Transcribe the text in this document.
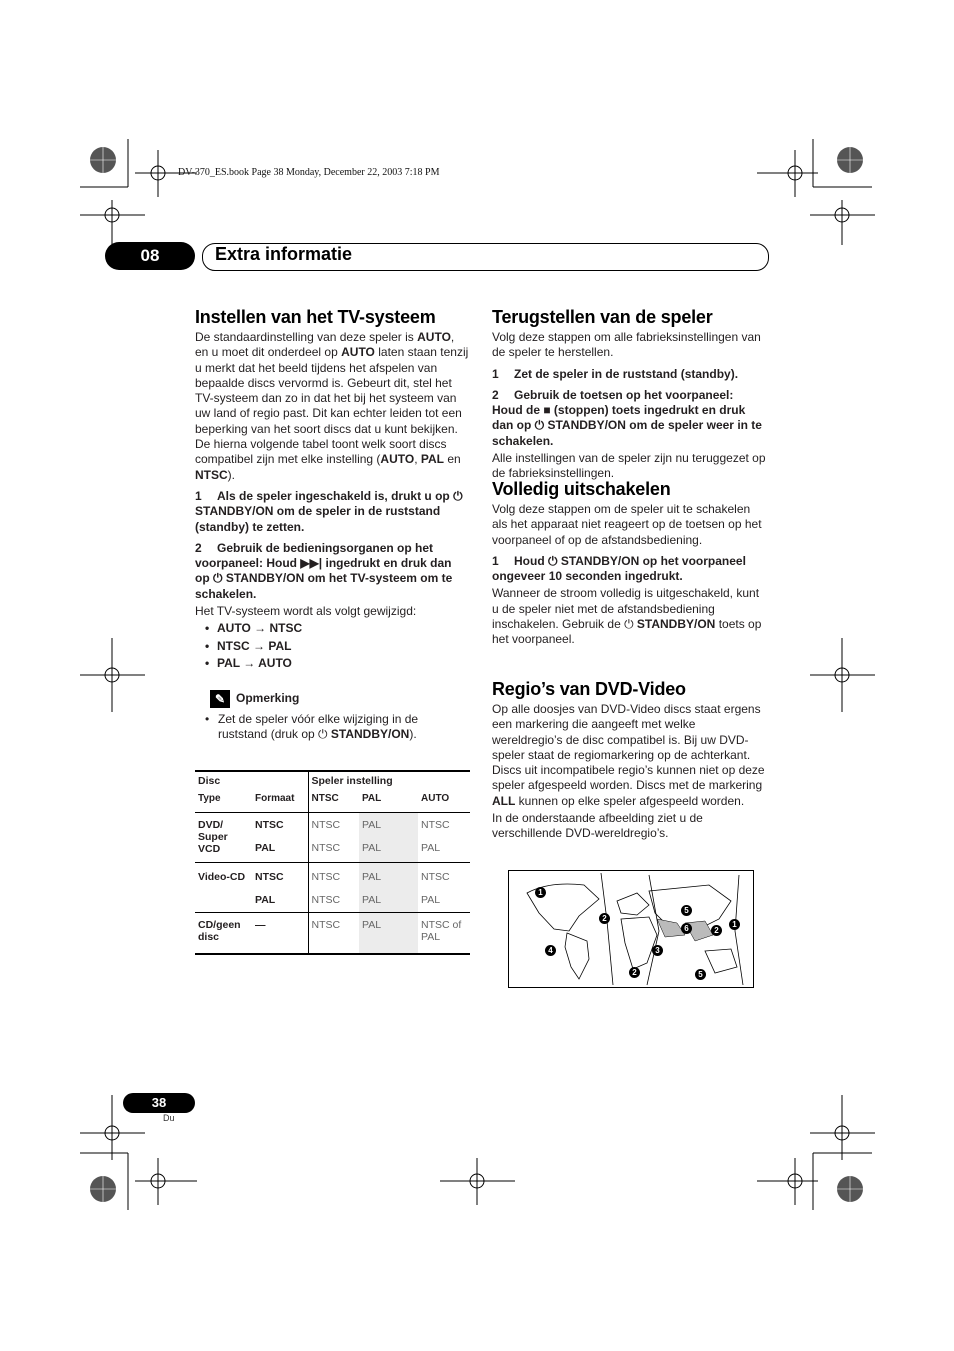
DV-370_ES.book Page 38 Monday, December 22, 2003 7:18 PM
08	Extra informatie
Instellen van het TV-systeem

De standaardinstelling van deze speler is AUTO, en u moet dit onderdeel op AUTO laten staan tenzij u merkt dat het beeld tijdens het afspelen van bepaalde discs vervormd is. Gebeurt dit, stel het TV-systeem dan zo in dat het bij het systeem van uw land of regio past. Dit kan echter leiden tot een beperking van het soort discs dat u kunt bekijken. De hierna volgende tabel toont welk soort discs compatibel zijn met elke instelling (AUTO, PAL en NTSC).

1 Als de speler ingeschakeld is, drukt u op ⏻ STANDBY/ON om de speler in de ruststand (standby) te zetten.

2 Gebruik de bedieningsorganen op het voorpaneel: Houd ▶▶| ingedrukt en druk dan op ⏻ STANDBY/ON om het TV-systeem om te schakelen.

Het TV-systeem wordt als volgt gewijzigd:

• AUTO → NTSC
• NTSC → PAL
• PAL → AUTO
✎ Opmerking
• Zet de speler vóór elke wijziging in de ruststand (druk op ⏻ STANDBY/ON).
Disc		Speler instelling		
Type	Formaat	NTSC	PAL	AUTO
DVD/ Super VCD	NTSC	NTSC	PAL	NTSC
	PAL	NTSC	PAL	PAL
Video-CD	NTSC	NTSC	PAL	NTSC
	PAL	NTSC	PAL	PAL
CD/geen disc	—	NTSC	PAL	NTSC of PAL
Terugstellen van de speler

Volg deze stappen om alle fabrieksinstellingen van de speler te herstellen.

1 Zet de speler in de ruststand (standby).

2 Gebruik de toetsen op het voorpaneel: Houd de ■ (stoppen) toets ingedrukt en druk dan op ⏻ STANDBY/ON om de speler weer in te schakelen.

Alle instellingen van de speler zijn nu teruggezet op de fabrieksinstellingen.

Volledig uitschakelen

Volg deze stappen om de speler uit te schakelen als het apparaat niet reageert op de toetsen op het voorpaneel of op de afstandsbediening.

1 Houd ⏻ STANDBY/ON op het voorpaneel ongeveer 10 seconden ingedrukt.

Wanneer de stroom volledig is uitgeschakeld, kunt u de speler niet met de afstandsbediening inschakelen. Gebruik de ⏻ STANDBY/ON toets op het voorpaneel.

Regio’s van DVD-Video

Op alle doosjes van DVD-Video discs staat ergens een markering die aangeeft met welke wereldregio’s de disc compatibel is. Bij uw DVD-speler staat de regiomarkering op de achterkant. Discs uit incompatibele regio’s kunnen niet op deze speler afgespeeld worden. Discs met de markering ALL kunnen op elke speler afgespeeld worden.

In de onderstaande afbeelding ziet u de verschillende DVD-wereldregio’s.

1
2
3
4
5
6	2
1
2	5
38
Du
